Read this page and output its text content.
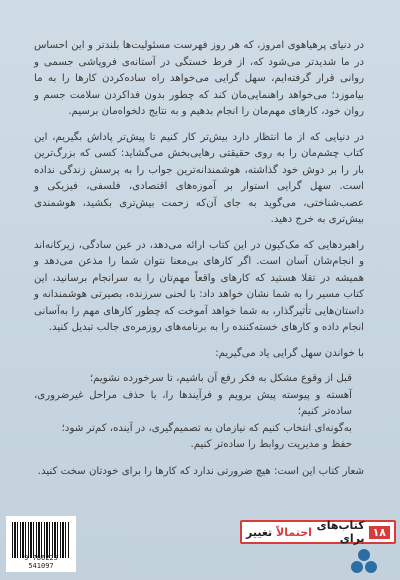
در دنیای پرهیاهوی امروز، که هر روز فهرست مسئولیت‌ها بلندتر و این احساس در ما شدیدتر می‌شود که، از فرط خستگی در آستانه‌ی فروپاشی جسمی و روانی قرار گرفته‌ایم، سهل گرایی می‌خواهد راه ساده‌کردن کارها را به ما بیاموزد؛ می‌خواهد راهنمایی‌مان کند که چطور بدون فداکردن سلامت جسم و روان خود، کارهای مهم‌مان را انجام بدهیم و به نتایج دلخواه‌مان برسیم.

در دنیایی که از ما انتظار دارد بیش‌تر کار کنیم تا پیش‌تر پاداش بگیریم، این کتاب چشم‌مان را به روی حقیقتی رهایی‌بخش می‌گشاید: کسی که بزرگ‌ترین بار را بر دوش خود گذاشته، هوشمندانه‌ترین جواب را به پرسش زندگی نداده است. سهل گرایی استوار بر آموزه‌های اقتصادی، فلسفی، فیزیکی و عصب‌شناختی، می‌گوید به جای آن‌که زحمت بیش‌تری بکشید، هوشمندی بیش‌تری به خرج دهید.

راهبردهایی که مک‌کیون در این کتاب ارائه می‌دهد، در عین سادگی، زیرکانه‌اند و انجام‌شان آسان است. اگر کارهای بی‌معنا نتوان شما را مذعن می‌دهد و همیشه در تقلا هستید که کارهای واقعاً مهم‌تان را به سرانجام برسانید، این کتاب مسیر را به شما نشان خواهد داد: با لحنی سرزنده، بصیرتی هوشمندانه و داستان‌هایی تأثیرگذار، به شما خواهد آموخت که چطور کارهای مهم را به‌آسانی انجام داده و کارهای خسته‌کننده را به برنامه‌های روزمره‌ی جالب تبدیل کنید.

با خواندن سهل گرایی یاد می‌گیریم:

قبل از وقوع مشکل به فکر رفع آن باشیم، تا سرخورده نشویم؛
آهسته و پیوسته پیش برویم و فرآیندها را، با حذف مراحل غیرضروری، ساده‌تر کنیم؛
به‌گونه‌ای انتخاب کنیم که نیازمان به تصمیم‌گیری، در آینده، کم‌تر شود؛
حفظ و مدیریت روابط را ساده‌تر کنیم.

شعار کتاب این است: هیچ ضرورتی ندارد که کارها را برای خودتان سخت کنید.

9 786225 541097
۱۸
کتاب‌های برای

احتمالاً

تغییر
